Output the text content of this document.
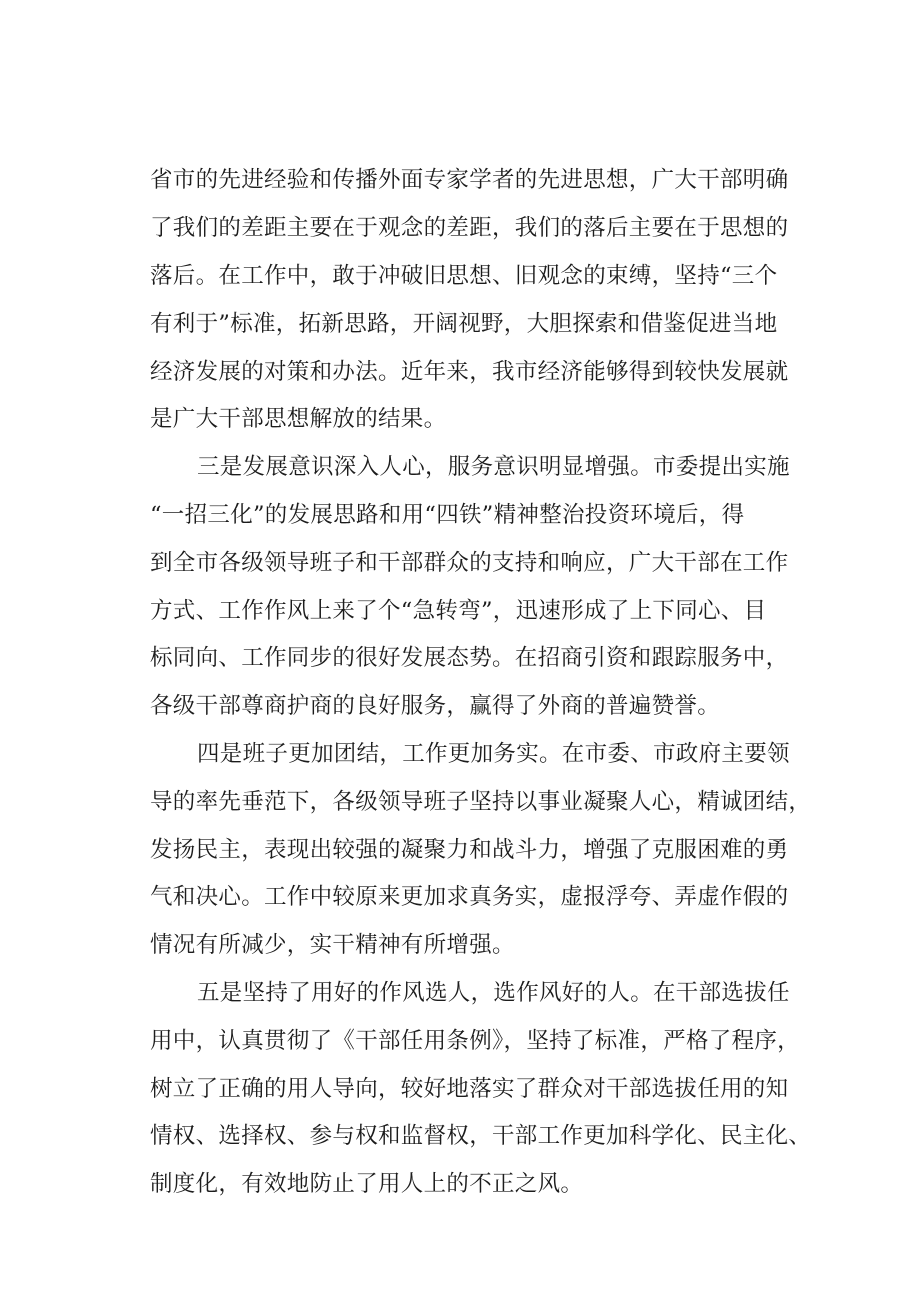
省市的先进经验和传播外面专家学者的先进思想，广大干部明确
了我们的差距主要在于观念的差距，我们的落后主要在于思想的
落后。在工作中，敢于冲破旧思想、旧观念的束缚，坚持“三个
有利于”标准，拓新思路，开阔视野，大胆探索和借鉴促进当地
经济发展的对策和办法。近年来，我市经济能够得到较快发展就
是广大干部思想解放的结果。
三是发展意识深入人心，服务意识明显增强。市委提出实施
“一招三化”的发展思路和用“四铁”精神整治投资环境后，得
到全市各级领导班子和干部群众的支持和响应，广大干部在工作
方式、工作作风上来了个“急转弯”，迅速形成了上下同心、目
标同向、工作同步的很好发展态势。在招商引资和跟踪服务中，
各级干部尊商护商的良好服务，赢得了外商的普遍赞誉。
四是班子更加团结，工作更加务实。在市委、市政府主要领
导的率先垂范下，各级领导班子坚持以事业凝聚人心，精诚团结，
发扬民主，表现出较强的凝聚力和战斗力，增强了克服困难的勇
气和决心。工作中较原来更加求真务实，虚报浮夸、弄虚作假的
情况有所减少，实干精神有所增强。
五是坚持了用好的作风选人，选作风好的人。在干部选拔任
用中，认真贯彻了《干部任用条例》，坚持了标准，严格了程序，
树立了正确的用人导向，较好地落实了群众对干部选拔任用的知
情权、选择权、参与权和监督权，干部工作更加科学化、民主化、
制度化，有效地防止了用人上的不正之风。
